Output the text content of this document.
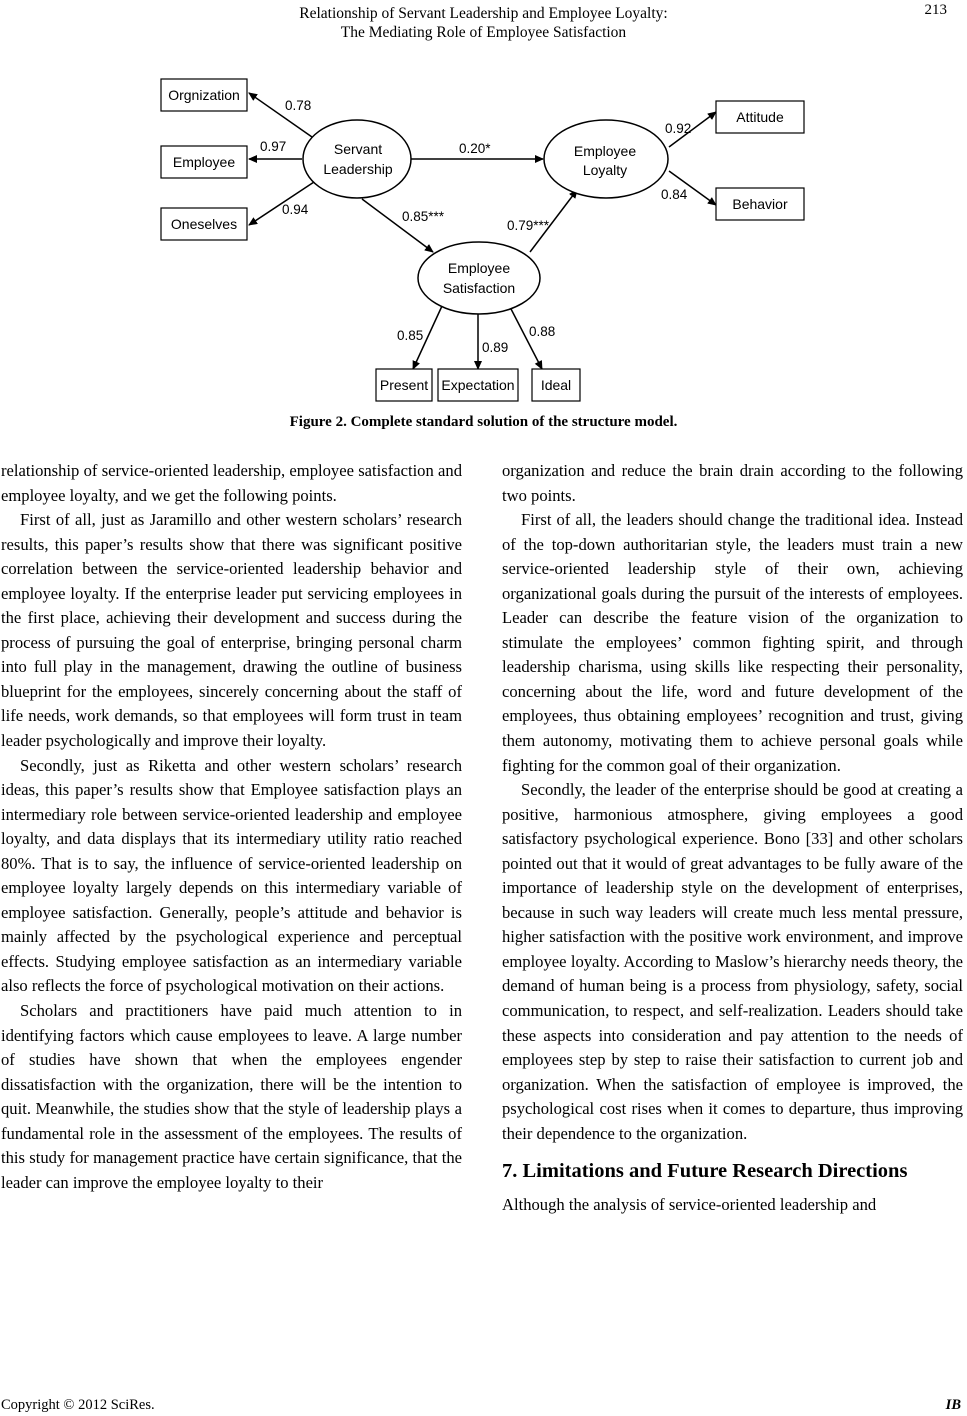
Relationship of Servant Leadership and Employee Loyalty:
The Mediating Role of Employee Satisfaction
213
Orgnization
Employee
Oneselves
Attitude
Behavior
Present Expectation Ideal
Servant
Leadership
Employee
Loyalty
Employee
Satisfaction
0.78
0.97
0.94
0.20*
0.92
0.84
0.85***
0.79***
0.85
0.89
0.88
Figure 2. Complete standard solution of the structure model.

relationship of service-oriented leadership, employee satisfaction and employee loyalty, and we get the following points.

First of all, just as Jaramillo and other western scholars’ research results, this paper’s results show that there was significant positive correlation between the service-oriented leadership behavior and employee loyalty. If the enterprise leader put servicing employees in the first place, achieving their development and success during the process of pursuing the goal of enterprise, bringing personal charm into full play in the management, drawing the outline of business blueprint for the employees, sincerely concerning about the staff of life needs, work demands, so that employees will form trust in team leader psychologically and improve their loyalty.

Secondly, just as Riketta and other western scholars’ research ideas, this paper’s results show that Employee satisfaction plays an intermediary role between service-oriented leadership and employee loyalty, and data displays that its intermediary utility ratio reached 80%. That is to say, the influence of service-oriented leadership on employee loyalty largely depends on this intermediary variable of employee satisfaction. Generally, people’s attitude and behavior is mainly affected by the psychological experience and perceptual effects. Studying employee satisfaction as an intermediary variable also reflects the force of psychological motivation on their actions.

Scholars and practitioners have paid much attention to in identifying factors which cause employees to leave. A large number of studies have shown that when the employees engender dissatisfaction with the organization, there will be the intention to quit. Meanwhile, the studies show that the style of leadership plays a fundamental role in the assessment of the employees. The results of this study for management practice have certain significance, that the leader can improve the employee loyalty to their

organization and reduce the brain drain according to the following two points.

First of all, the leaders should change the traditional idea. Instead of the top-down authoritarian style, the leaders must train a new service-oriented leadership style of their own, achieving organizational goals during the pursuit of the interests of employees. Leader can describe the feature vision of the organization to stimulate the employees’ common fighting spirit, and through leadership charisma, using skills like respecting their personality, concerning about the life, word and future development of the employees, thus obtaining employees’ recognition and trust, giving them autonomy, motivating them to achieve personal goals while fighting for the common goal of their organization.

Secondly, the leader of the enterprise should be good at creating a positive, harmonious atmosphere, giving employees a good satisfactory psychological experience. Bono [33] and other scholars pointed out that it would of great advantages to be fully aware of the importance of leadership style on the development of enterprises, because in such way leaders will create much less mental pressure, higher satisfaction with the positive work environment, and improve employee loyalty. According to Maslow’s hierarchy needs theory, the demand of human being is a process from physiology, safety, social communication, to respect, and self-realization. Leaders should take these aspects into consideration and pay attention to the needs of employees step by step to raise their satisfaction to current job and organization. When the satisfaction of employee is improved, the psychological cost rises when it comes to departure, thus improving their dependence to the organization.

7. Limitations and Future Research Directions

Although the analysis of service-oriented leadership and

Copyright © 2012 SciRes.	IB
